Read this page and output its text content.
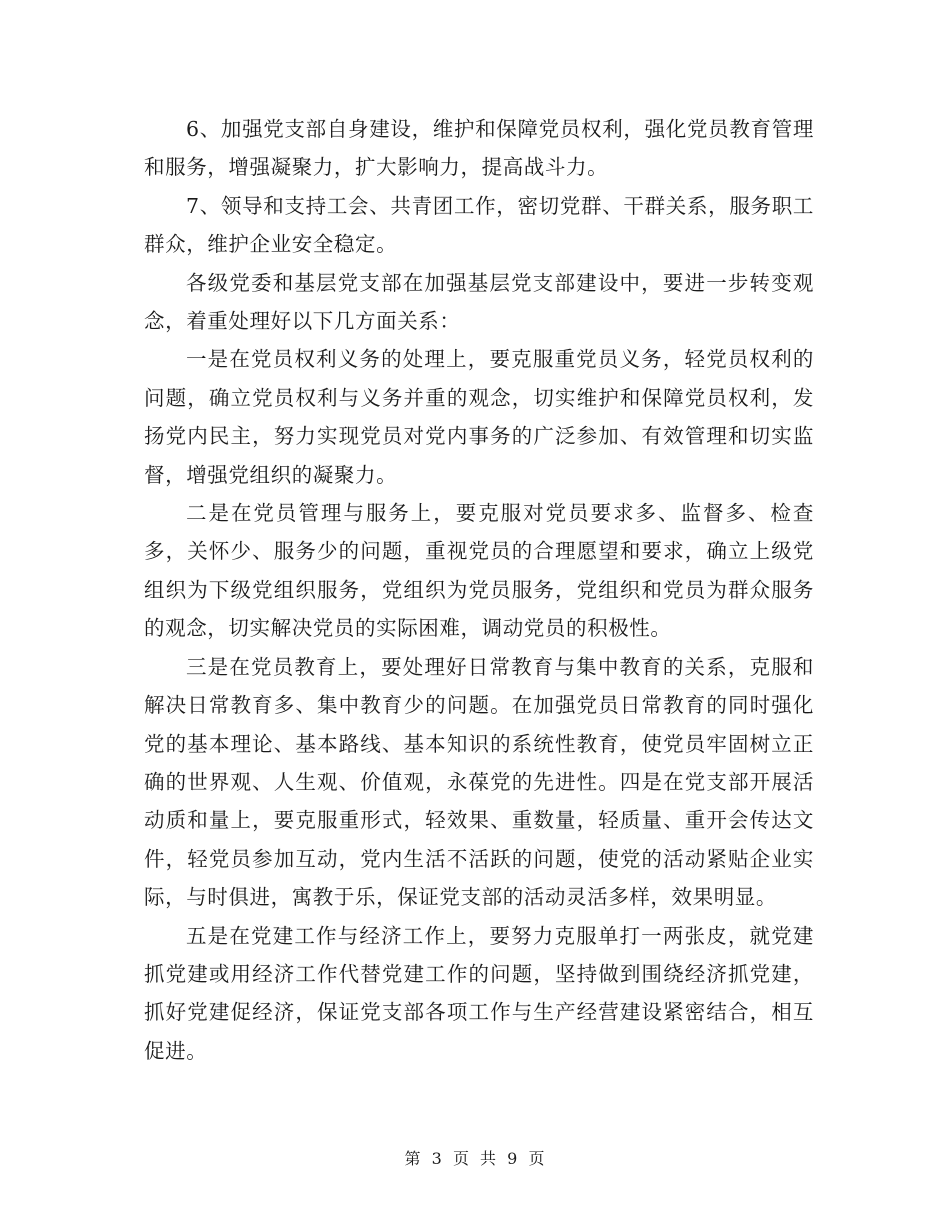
6、加强党支部自身建设，维护和保障党员权利，强化党员教育管理和服务，增强凝聚力，扩大影响力，提高战斗力。

7、领导和支持工会、共青团工作，密切党群、干群关系，服务职工群众，维护企业安全稳定。

各级党委和基层党支部在加强基层党支部建设中，要进一步转变观念，着重处理好以下几方面关系：

一是在党员权利义务的处理上，要克服重党员义务，轻党员权利的问题，确立党员权利与义务并重的观念，切实维护和保障党员权利，发扬党内民主，努力实现党员对党内事务的广泛参加、有效管理和切实监督，增强党组织的凝聚力。

二是在党员管理与服务上，要克服对党员要求多、监督多、检查多，关怀少、服务少的问题，重视党员的合理愿望和要求，确立上级党组织为下级党组织服务，党组织为党员服务，党组织和党员为群众服务的观念，切实解决党员的实际困难，调动党员的积极性。

三是在党员教育上，要处理好日常教育与集中教育的关系，克服和解决日常教育多、集中教育少的问题。在加强党员日常教育的同时强化党的基本理论、基本路线、基本知识的系统性教育，使党员牢固树立正确的世界观、人生观、价值观，永葆党的先进性。四是在党支部开展活动质和量上，要克服重形式，轻效果、重数量，轻质量、重开会传达文件，轻党员参加互动，党内生活不活跃的问题，使党的活动紧贴企业实际，与时俱进，寓教于乐，保证党支部的活动灵活多样，效果明显。

五是在党建工作与经济工作上，要努力克服单打一两张皮，就党建抓党建或用经济工作代替党建工作的问题，坚持做到围绕经济抓党建，抓好党建促经济，保证党支部各项工作与生产经营建设紧密结合，相互促进。

第 3 页 共 9 页
